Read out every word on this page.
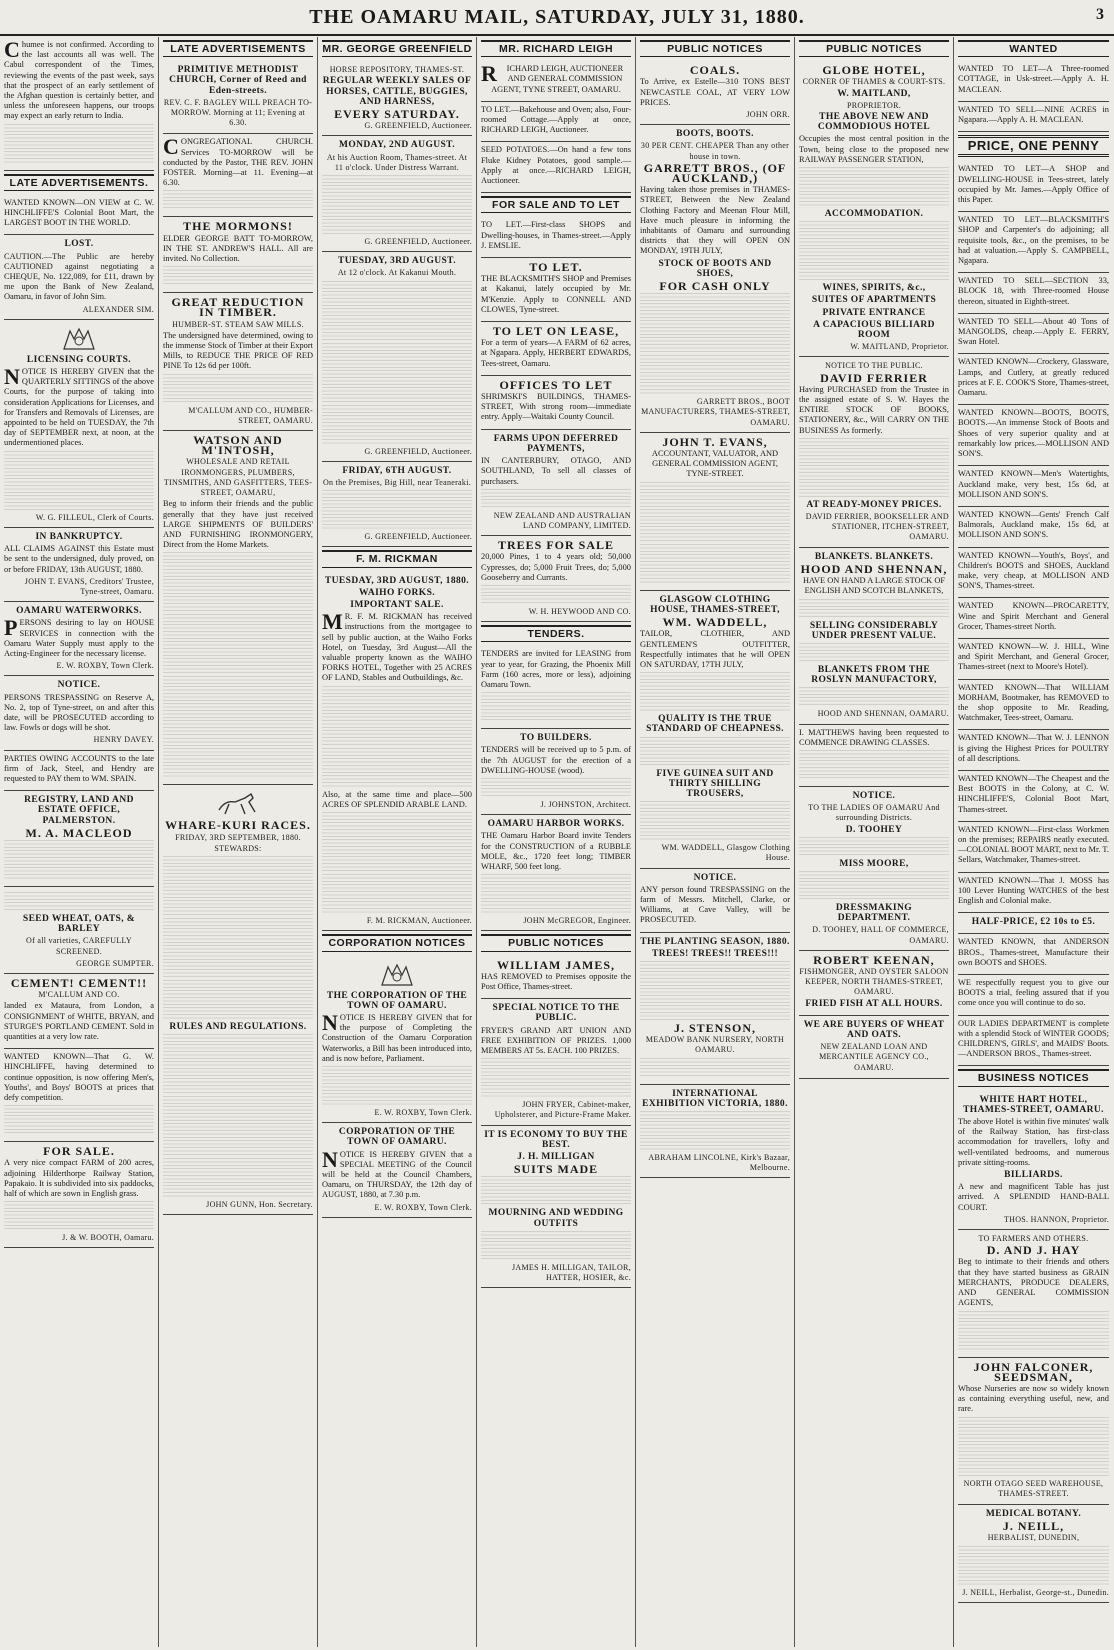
THE OAMARU MAIL, SATURDAY, JULY 31, 1880.	3

Chumee is not confirmed. According to the last accounts all was well. The Cabul correspondent of the Times, reviewing the events of the past week, says that the prospect of an early settlement of the Afghan question is certainly better, and unless the unforeseen happens, our troops may expect an early return to India.

LATE ADVERTISEMENTS.

WANTED KNOWN—ON VIEW at C. W. HINCHLIFFE'S Colonial Boot Mart, the LARGEST BOOT IN THE WORLD.

LOST.

CAUTION.—The Public are hereby CAUTIONED against negotiating a CHEQUE, No. 122,089, for £11, drawn by me upon the Bank of New Zealand, Oamaru, in favor of John Sim.

ALEXANDER SIM.
LICENSING COURTS.

NOTICE IS HEREBY GIVEN that the QUARTERLY SITTINGS of the above Courts, for the purpose of taking into consideration Applications for Licenses, and for Transfers and Removals of Licenses, are appointed to be held on TUESDAY, the 7th day of SEPTEMBER next, at noon, at the undermentioned places.

W. G. FILLEUL, Clerk of Courts.
IN BANKRUPTCY.

ALL CLAIMS AGAINST this Estate must be sent to the undersigned, duly proved, on or before FRIDAY, 13th AUGUST, 1880.

JOHN T. EVANS, Creditors' Trustee, Tyne-street, Oamaru.
OAMARU WATERWORKS.

PERSONS desiring to lay on HOUSE SERVICES in connection with the Oamaru Water Supply must apply to the Acting-Engineer for the necessary license.

E. W. ROXBY, Town Clerk.
NOTICE.

PERSONS TRESPASSING on Reserve A, No. 2, top of Tyne-street, on and after this date, will be PROSECUTED according to law. Fowls or dogs will be shot.

HENRY DAVEY.

PARTIES OWING ACCOUNTS to the late firm of Jack, Steel, and Hendry are requested to PAY them to WM. SPAIN.

REGISTRY, LAND AND ESTATE OFFICE, PALMERSTON.
M. A. MACLEOD
SEED WHEAT, OATS, & BARLEY
Of all varieties, CAREFULLY SCREENED.
GEORGE SUMPTER.
CEMENT! CEMENT!!
M'CALLUM AND CO.

landed ex Mataura, from London, a CONSIGNMENT of WHITE, BRYAN, and STURGE'S PORTLAND CEMENT. Sold in quantities at a very low rate.

WANTED KNOWN—That G. W. HINCHLIFFE, having determined to continue opposition, is now offering Men's, Youths', and Boys' BOOTS at prices that defy competition.

FOR SALE.

A very nice compact FARM of 200 acres, adjoining Hilderthorpe Railway Station, Papakaio. It is subdivided into six paddocks, half of which are sown in English grass.

J. & W. BOOTH, Oamaru.
LATE ADVERTISEMENTS
PRIMITIVE METHODIST CHURCH, Corner of Reed and Eden-streets.
REV. C. F. BAGLEY WILL PREACH TO-MORROW. Morning at 11; Evening at 6.30.

CONGREGATIONAL CHURCH. Services TO-MORROW will be conducted by the Pastor, THE REV. JOHN FOSTER. Morning—at 11. Evening—at 6.30.

THE MORMONS!

ELDER GEORGE BATT TO-MORROW, IN THE ST. ANDREW'S HALL. All are invited. No Collection.

GREAT REDUCTION IN TIMBER.
HUMBER-ST. STEAM SAW MILLS.

The undersigned have determined, owing to the immense Stock of Timber at their Export Mills, to REDUCE THE PRICE OF RED PINE To 12s 6d per 100ft.

M'CALLUM AND CO., HUMBER-STREET, OAMARU.
WATSON AND M'INTOSH,
WHOLESALE AND RETAIL IRONMONGERS, PLUMBERS, TINSMITHS, AND GASFITTERS, TEES-STREET, OAMARU,

Beg to inform their friends and the public generally that they have just received LARGE SHIPMENTS OF BUILDERS' AND FURNISHING IRONMONGERY, Direct from the Home Markets.

WHARE-KURI RACES.
FRIDAY, 3RD SEPTEMBER, 1880.
STEWARDS:
RULES AND REGULATIONS.
JOHN GUNN, Hon. Secretary.
MR. GEORGE GREENFIELD
HORSE REPOSITORY, THAMES-ST.
REGULAR WEEKLY SALES OF HORSES, CATTLE, BUGGIES, AND HARNESS,
EVERY SATURDAY.
G. GREENFIELD, Auctioneer.
MONDAY, 2ND AUGUST.
At his Auction Room, Thames-street. At 11 o'clock. Under Distress Warrant.
G. GREENFIELD, Auctioneer.
TUESDAY, 3RD AUGUST.
At 12 o'clock. At Kakanui Mouth.
G. GREENFIELD, Auctioneer.
FRIDAY, 6TH AUGUST.
On the Premises, Big Hill, near Teaneraki.
G. GREENFIELD, Auctioneer.
F. M. RICKMAN
TUESDAY, 3RD AUGUST, 1880.
WAIHO FORKS.
IMPORTANT SALE.

MR. F. M. RICKMAN has received instructions from the mortgagee to sell by public auction, at the Waiho Forks Hotel, on Tuesday, 3rd August—All the valuable property known as the WAIHO FORKS HOTEL, Together with 25 ACRES OF LAND, Stables and Outbuildings, &c.

Also, at the same time and place—500 ACRES OF SPLENDID ARABLE LAND.

F. M. RICKMAN, Auctioneer.
CORPORATION NOTICES
THE CORPORATION OF THE TOWN OF OAMARU.

NOTICE IS HEREBY GIVEN that for the purpose of Completing the Construction of the Oamaru Corporation Waterworks, a Bill has been introduced into, and is now before, Parliament.

E. W. ROXBY, Town Clerk.
CORPORATION OF THE TOWN OF OAMARU.

NOTICE IS HEREBY GIVEN that a SPECIAL MEETING of the Council will be held at the Council Chambers, Oamaru, on THURSDAY, the 12th day of AUGUST, 1880, at 7.30 p.m.

E. W. ROXBY, Town Clerk.
MR. RICHARD LEIGH

RICHARD LEIGH, AUCTIONEER AND GENERAL COMMISSION AGENT, TYNE STREET, OAMARU.

TO LET.—Bakehouse and Oven; also, Four-roomed Cottage.—Apply at once, RICHARD LEIGH, Auctioneer.

SEED POTATOES.—On hand a few tons Fluke Kidney Potatoes, good sample.—Apply at once.—RICHARD LEIGH, Auctioneer.

FOR SALE AND TO LET

TO LET.—First-class SHOPS and Dwelling-houses, in Thames-street.—Apply J. EMSLIE.

TO LET.

THE BLACKSMITH'S SHOP and Premises at Kakanui, lately occupied by Mr. M'Kenzie. Apply to CONNELL AND CLOWES, Tyne-street.

TO LET ON LEASE,

For a term of years—A FARM of 62 acres, at Ngapara. Apply, HERBERT EDWARDS, Tees-street, Oamaru.

OFFICES TO LET

SHRIMSKI'S BUILDINGS, THAMES-STREET, With strong room—immediate entry. Apply—Waitaki County Council.

FARMS UPON DEFERRED PAYMENTS,

IN CANTERBURY, OTAGO, AND SOUTHLAND, To sell all classes of purchasers.

NEW ZEALAND AND AUSTRALIAN LAND COMPANY, LIMITED.
TREES FOR SALE

20,000 Pines, 1 to 4 years old; 50,000 Cypresses, do; 5,000 Fruit Trees, do; 5,000 Gooseberry and Currants.

W. H. HEYWOOD AND CO.
TENDERS.

TENDERS are invited for LEASING from year to year, for Grazing, the Phoenix Mill Farm (160 acres, more or less), adjoining Oamaru Town.

TO BUILDERS.

TENDERS will be received up to 5 p.m. of the 7th AUGUST for the erection of a DWELLING-HOUSE (wood).

J. JOHNSTON, Architect.
OAMARU HARBOR WORKS.

THE Oamaru Harbor Board invite Tenders for the CONSTRUCTION of a RUBBLE MOLE, &c., 1720 feet long; TIMBER WHARF, 500 feet long.

JOHN McGREGOR, Engineer.
PUBLIC NOTICES
WILLIAM JAMES,

HAS REMOVED to Premises opposite the Post Office, Thames-street.

SPECIAL NOTICE TO THE PUBLIC.

FRYER'S GRAND ART UNION AND FREE EXHIBITION OF PRIZES. 1,000 MEMBERS AT 5s. EACH. 100 PRIZES.

JOHN FRYER, Cabinet-maker, Upholsterer, and Picture-Frame Maker.
IT IS ECONOMY TO BUY THE BEST.
J. H. MILLIGAN
SUITS MADE
MOURNING AND WEDDING OUTFITS
JAMES H. MILLIGAN, TAILOR, HATTER, HOSIER, &c.
PUBLIC NOTICES
COALS.

To Arrive, ex Estelle—310 TONS BEST NEWCASTLE COAL, AT VERY LOW PRICES.

JOHN ORR.
BOOTS, BOOTS.
30 PER CENT. CHEAPER Than any other house in town.
GARRETT BROS., (OF AUCKLAND,)

Having taken those premises in THAMES-STREET, Between the New Zealand Clothing Factory and Meenan Flour Mill, Have much pleasure in informing the inhabitants of Oamaru and surrounding districts that they will OPEN ON MONDAY, 19TH JULY,

STOCK OF BOOTS AND SHOES,
FOR CASH ONLY
GARRETT BROS., BOOT MANUFACTURERS, THAMES-STREET, OAMARU.
JOHN T. EVANS,

ACCOUNTANT, VALUATOR, AND GENERAL COMMISSION AGENT, TYNE-STREET.

GLASGOW CLOTHING HOUSE, THAMES-STREET,
WM. WADDELL,

TAILOR, CLOTHIER, AND GENTLEMEN'S OUTFITTER, Respectfully intimates that he will OPEN ON SATURDAY, 17TH JULY,

QUALITY IS THE TRUE STANDARD OF CHEAPNESS.
FIVE GUINEA SUIT AND THIRTY SHILLING TROUSERS,
WM. WADDELL, Glasgow Clothing House.
NOTICE.

ANY person found TRESPASSING on the farm of Messrs. Mitchell, Clarke, or Williams, at Cave Valley, will be PROSECUTED.

THE PLANTING SEASON, 1880.
TREES! TREES!! TREES!!!
J. STENSON,
MEADOW BANK NURSERY, NORTH OAMARU.
INTERNATIONAL EXHIBITION VICTORIA, 1880.
ABRAHAM LINCOLNE, Kirk's Bazaar, Melbourne.
PUBLIC NOTICES
GLOBE HOTEL,
CORNER OF THAMES & COURT-STS.
W. MAITLAND,
PROPRIETOR.
THE ABOVE NEW AND COMMODIOUS HOTEL

Occupies the most central position in the Town, being close to the proposed new RAILWAY PASSENGER STATION,

ACCOMMODATION.
WINES, SPIRITS, &c.,
SUITES OF APARTMENTS
PRIVATE ENTRANCE
A CAPACIOUS BILLIARD ROOM
W. MAITLAND, Proprietor.
NOTICE TO THE PUBLIC.
DAVID FERRIER

Having PURCHASED from the Trustee in the assigned estate of S. W. Hayes the ENTIRE STOCK OF BOOKS, STATIONERY, &c., Will CARRY ON THE BUSINESS As formerly.

AT READY-MONEY PRICES.
DAVID FERRIER, BOOKSELLER AND STATIONER, ITCHEN-STREET, OAMARU.
BLANKETS. BLANKETS.
HOOD AND SHENNAN,

HAVE ON HAND A LARGE STOCK OF ENGLISH AND SCOTCH BLANKETS,

SELLING CONSIDERABLY UNDER PRESENT VALUE.
BLANKETS FROM THE ROSLYN MANUFACTORY,
HOOD AND SHENNAN, OAMARU.

I. MATTHEWS having been requested to COMMENCE DRAWING CLASSES.

NOTICE.
TO THE LADIES OF OAMARU And surrounding Districts.
D. TOOHEY
MISS MOORE,
DRESSMAKING DEPARTMENT.
D. TOOHEY, HALL OF COMMERCE, OAMARU.
ROBERT KEENAN,
FISHMONGER, AND OYSTER SALOON KEEPER, NORTH THAMES-STREET, OAMARU.
FRIED FISH AT ALL HOURS.
WE ARE BUYERS OF WHEAT AND OATS.
NEW ZEALAND LOAN AND MERCANTILE AGENCY CO., OAMARU.
WANTED

WANTED TO LET—A Three-roomed COTTAGE, in Usk-street.—Apply A. H. MACLEAN.

WANTED TO SELL—NINE ACRES in Ngapara.—Apply A. H. MACLEAN.

PRICE, ONE PENNY

WANTED TO LET—A SHOP and DWELLING-HOUSE in Tees-street, lately occupied by Mr. James.—Apply Office of this Paper.

WANTED TO LET—BLACKSMITH'S SHOP and Carpenter's do adjoining; all requisite tools, &c., on the premises, to be had at valuation.—Apply S. CAMPBELL, Ngapara.

WANTED TO SELL—SECTION 33, BLOCK 18, with Three-roomed House thereon, situated in Eighth-street.

WANTED TO SELL—About 40 Tons of MANGOLDS, cheap.—Apply E. FERRY, Swan Hotel.

WANTED KNOWN—Crockery, Glassware, Lamps, and Cutlery, at greatly reduced prices at F. E. COOK'S Store, Thames-street, Oamaru.

WANTED KNOWN—BOOTS, BOOTS, BOOTS.—An immense Stock of Boots and Shoes of very superior quality and at remarkably low prices.—MOLLISON AND SON'S.

WANTED KNOWN—Men's Watertights, Auckland make, very best, 15s 6d, at MOLLISON AND SON'S.

WANTED KNOWN—Gents' French Calf Balmorals, Auckland make, 15s 6d, at MOLLISON AND SON'S.

WANTED KNOWN—Youth's, Boys', and Children's BOOTS and SHOES, Auckland make, very cheap, at MOLLISON AND SON'S, Thames-street.

WANTED KNOWN—PROCARETTY, Wine and Spirit Merchant and General Grocer, Thames-street North.

WANTED KNOWN—W. J. HILL, Wine and Spirit Merchant, and General Grocer, Thames-street (next to Moore's Hotel).

WANTED KNOWN—That WILLIAM MORHAM, Bootmaker, has REMOVED to the shop opposite to Mr. Reading, Watchmaker, Tees-street, Oamaru.

WANTED KNOWN—That W. J. LENNON is giving the Highest Prices for POULTRY of all descriptions.

WANTED KNOWN—The Cheapest and the Best BOOTS in the Colony, at C. W. HINCHLIFFE'S, Colonial Boot Mart, Thames-street.

WANTED KNOWN—First-class Workmen on the premises; REPAIRS neatly executed.—COLONIAL BOOT MART, next to Mr. T. Sellars, Watchmaker, Thames-street.

WANTED KNOWN—That J. MOSS has 100 Lever Hunting WATCHES of the best English and Colonial make.

HALF-PRICE, £2 10s to £5.

WANTED KNOWN, that ANDERSON BROS., Thames-street, Manufacture their own BOOTS and SHOES.

WE respectfully request you to give our BOOTS a trial, feeling assured that if you come once you will continue to do so.

OUR LADIES DEPARTMENT is complete with a splendid Stock of WINTER GOODS; CHILDREN'S, GIRLS', and MAIDS' Boots.—ANDERSON BROS., Thames-street.

BUSINESS NOTICES
WHITE HART HOTEL, THAMES-STREET, OAMARU.

The above Hotel is within five minutes' walk of the Railway Station, has first-class accommodation for travellers, lofty and well-ventilated bedrooms, and numerous private sitting-rooms.

BILLIARDS.

A new and magnificent Table has just arrived. A SPLENDID HAND-BALL COURT.

THOS. HANNON, Proprietor.
TO FARMERS AND OTHERS.
D. AND J. HAY

Beg to intimate to their friends and others that they have started business as GRAIN MERCHANTS, PRODUCE DEALERS, AND GENERAL COMMISSION AGENTS,

JOHN FALCONER, SEEDSMAN,

Whose Nurseries are now so widely known as containing everything useful, new, and rare.

NORTH OTAGO SEED WAREHOUSE, THAMES-STREET.
MEDICAL BOTANY.
J. NEILL,
HERBALIST, DUNEDIN,
J. NEILL, Herbalist, George-st., Dunedin.
